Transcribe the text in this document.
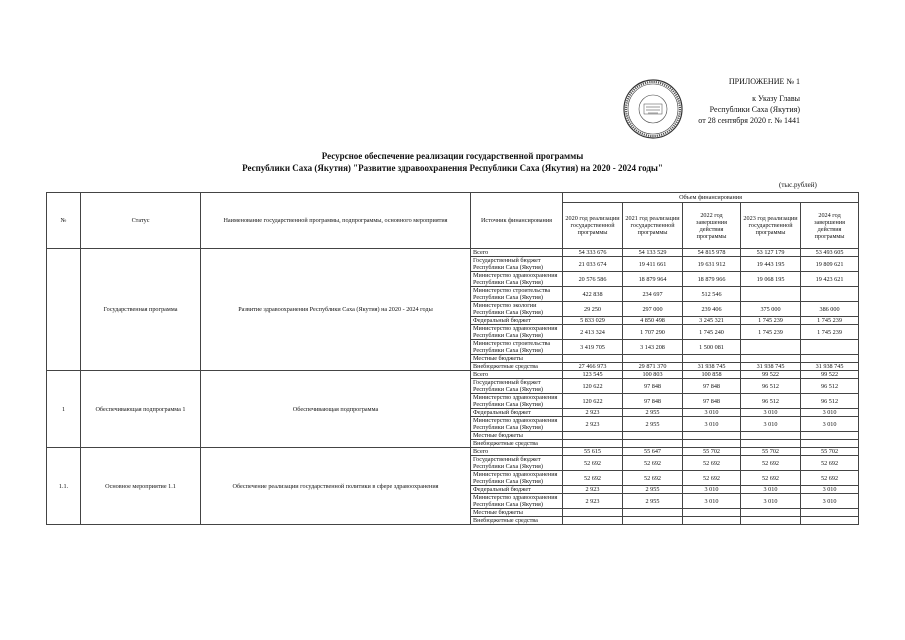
ПРИЛОЖЕНИЕ № 1
к Указу Главы
Республики Саха (Якутия)
от 28 сентября 2020 г. № 1441
Ресурсное обеспечение реализации государственной программы
Республики Саха (Якутия) "Развитие здравоохранения Республики Саха (Якутия) на 2020 - 2024 годы"
(тыс.рублей)
№	Статус	Наименование государственной программы, подпрограммы, основного мероприятия	Источник финансирования	Объем финансирования				
				2020 год реализации государственной программы	2021 год реализации государственной программы	2022 год завершения действия программы	2023 год реализации государственной программы	2024 год завершения действия программы
	Государственная программа	Развитие здравоохранения Республики Саха (Якутия) на 2020 - 2024 годы	Всего	54 333 676	54 133 529	54 815 978	53 127 179	53 493 605
			Государственный бюджет Республики Саха (Якутия)	21 033 674	19 411 661	19 631 912	19 443 195	19 809 621
			Министерство здравоохранения Республики Саха (Якутия)	20 576 586	18 879 964	18 879 966	19 068 195	19 423 621
			Министерство строительства Республики Саха (Якутия)	422 838	234 697	512 546		
			Министерство экологии Республики Саха (Якутия)	29 250	297 000	239 406	375 000	386 000
			Федеральный бюджет	5 833 029	4 850 498	3 245 321	1 745 239	1 745 239
			Министерство здравоохранения Республики Саха (Якутия)	2 413 324	1 707 290	1 745 240	1 745 239	1 745 239
			Министерство строительства Республики Саха (Якутия)	3 419 705	3 143 208	1 500 081		
			Местные бюджеты					
			Внебюджетные средства	27 466 973	29 871 370	31 938 745	31 938 745	31 938 745
1	Обеспечивающая подпрограмма 1	Обеспечивающая подпрограмма	Всего	123 545	100 803	100 858	99 522	99 522
			Государственный бюджет Республики Саха (Якутия)	120 622	97 848	97 848	96 512	96 512
			Министерство здравоохранения Республики Саха (Якутия)	120 622	97 848	97 848	96 512	96 512
			Федеральный бюджет	2 923	2 955	3 010	3 010	3 010
			Министерство здравоохранения Республики Саха (Якутия)	2 923	2 955	3 010	3 010	3 010
			Местные бюджеты					
			Внебюджетные средства					
1.1.	Основное мероприятие 1.1	Обеспечение реализации государственной политики в сфере здравоохранения	Всего	55 615	55 647	55 702	55 702	55 702
			Государственный бюджет Республики Саха (Якутия)	52 692	52 692	52 692	52 692	52 692
			Министерство здравоохранения Республики Саха (Якутия)	52 692	52 692	52 692	52 692	52 692
			Федеральный бюджет	2 923	2 955	3 010	3 010	3 010
			Министерство здравоохранения Республики Саха (Якутия)	2 923	2 955	3 010	3 010	3 010
			Местные бюджеты					
			Внебюджетные средства					
